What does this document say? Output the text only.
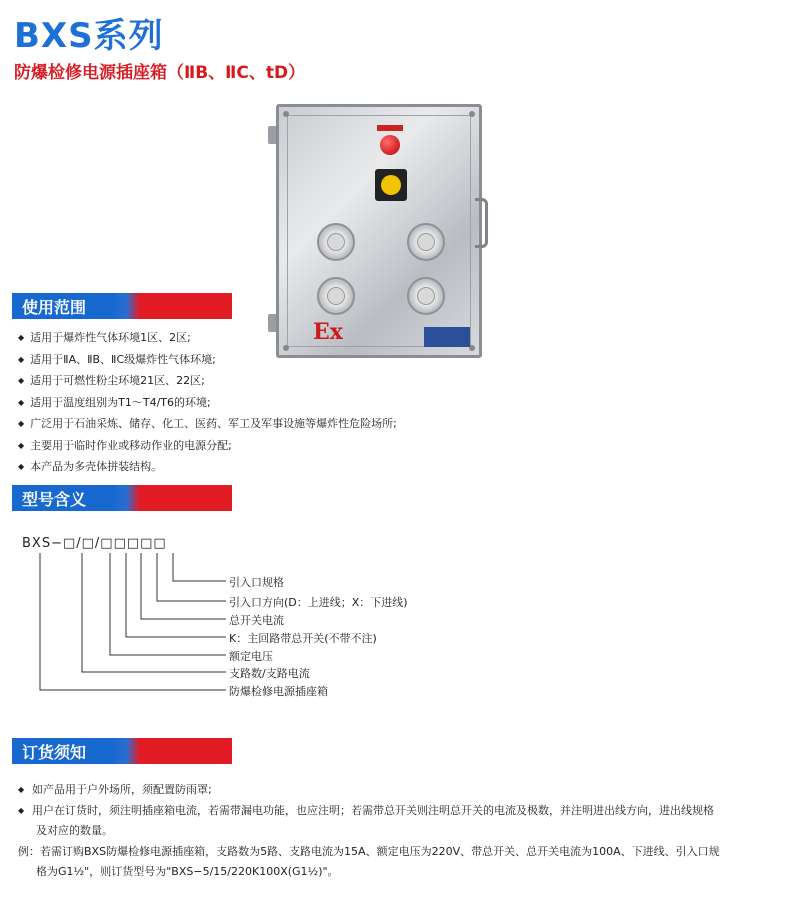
BXS系列
防爆检修电源插座箱（ⅡB、ⅡC、tD）
Ex
使用范围
◆ 适用于爆炸性气体环境1区、2区;
◆ 适用于ⅡA、ⅡB、ⅡC级爆炸性气体环境;
◆ 适用于可燃性粉尘环境21区、22区;
◆ 适用于温度组别为T1～T4/T6的环境;
◆ 广泛用于石油采炼、储存、化工、医药、军工及军事设施等爆炸性危险场所;
◆ 主要用于临时作业或移动作业的电源分配;
◆ 本产品为多壳体拼装结构。
型号含义
BXS−□/□/□□□□□
引入口规格
引入口方向(D：上进线；X：下进线)
总开关电流
K：主回路带总开关(不带不注)
额定电压
支路数/支路电流
防爆检修电源插座箱
订货须知
◆ 如产品用于户外场所，须配置防雨罩;
◆ 用户在订货时，须注明插座箱电流，若需带漏电功能，也应注明；若需带总开关则注明总开关的电流及极数，并注明进出线方向，进出线规格
及对应的数量。
例：若需订购BXS防爆检修电源插座箱，支路数为5路、支路电流为15A、额定电压为220V、带总开关、总开关电流为100A、下进线、引入口规
格为G1½"，则订货型号为"BXS−5/15/220K100X(G1½)"。
